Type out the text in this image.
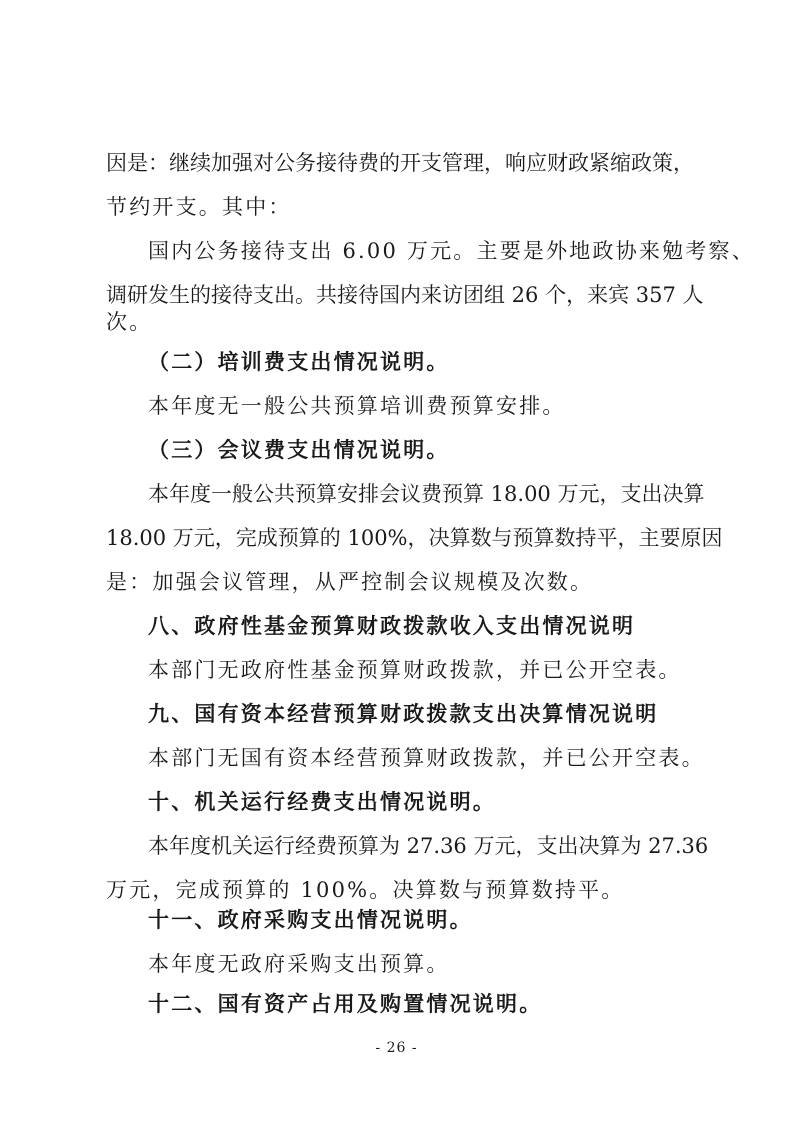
因是：继续加强对公务接待费的开支管理，响应财政紧缩政策，
节约开支。其中：
国内公务接待支出 6.00 万元。主要是外地政协来勉考察、
调研发生的接待支出。共接待国内来访团组 26 个，来宾 357 人
次。
（二）培训费支出情况说明。
本年度无一般公共预算培训费预算安排。
（三）会议费支出情况说明。
本年度一般公共预算安排会议费预算 18.00 万元，支出决算
18.00 万元，完成预算的 100%，决算数与预算数持平，主要原因
是：加强会议管理，从严控制会议规模及次数。
八、政府性基金预算财政拨款收入支出情况说明
本部门无政府性基金预算财政拨款，并已公开空表。
九、国有资本经营预算财政拨款支出决算情况说明
本部门无国有资本经营预算财政拨款，并已公开空表。
十、机关运行经费支出情况说明。
本年度机关运行经费预算为 27.36 万元，支出决算为 27.36
万元，完成预算的 100%。决算数与预算数持平。
十一、政府采购支出情况说明。
本年度无政府采购支出预算。
十二、国有资产占用及购置情况说明。
- 26 -
